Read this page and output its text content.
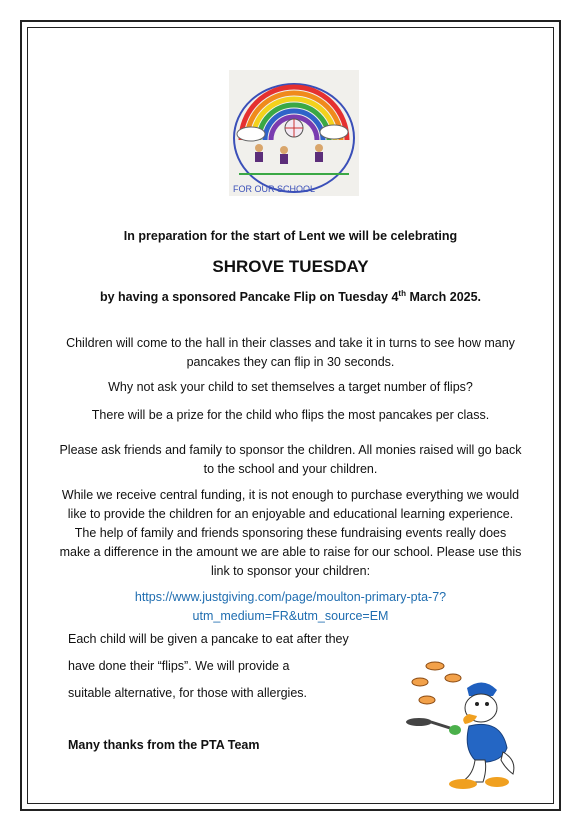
FOR OUR SCHOOL
In preparation for the start of Lent we will be celebrating
SHROVE TUESDAY
by having a sponsored Pancake Flip on Tuesday 4th March 2025.
Children will come to the hall in their classes and take it in turns to see how many pancakes they can flip in 30 seconds.
Why not ask your child to set themselves a target number of flips?
There will be a prize for the child who flips the most pancakes per class.
Please ask friends and family to sponsor the children. All monies raised will go back to the school and your children.
While we receive central funding, it is not enough to purchase everything we would like to provide the children for an enjoyable and educational learning experience. The help of family and friends sponsoring these fundraising events really does make a difference in the amount we are able to raise for our school. Please use this link to sponsor your children:
https://www.justgiving.com/page/moulton-primary-pta-7?utm_medium=FR&utm_source=EM
Each child will be given a pancake to eat after they
have done their “flips”. We will provide a
suitable alternative, for those with allergies.
Many thanks from the PTA Team
